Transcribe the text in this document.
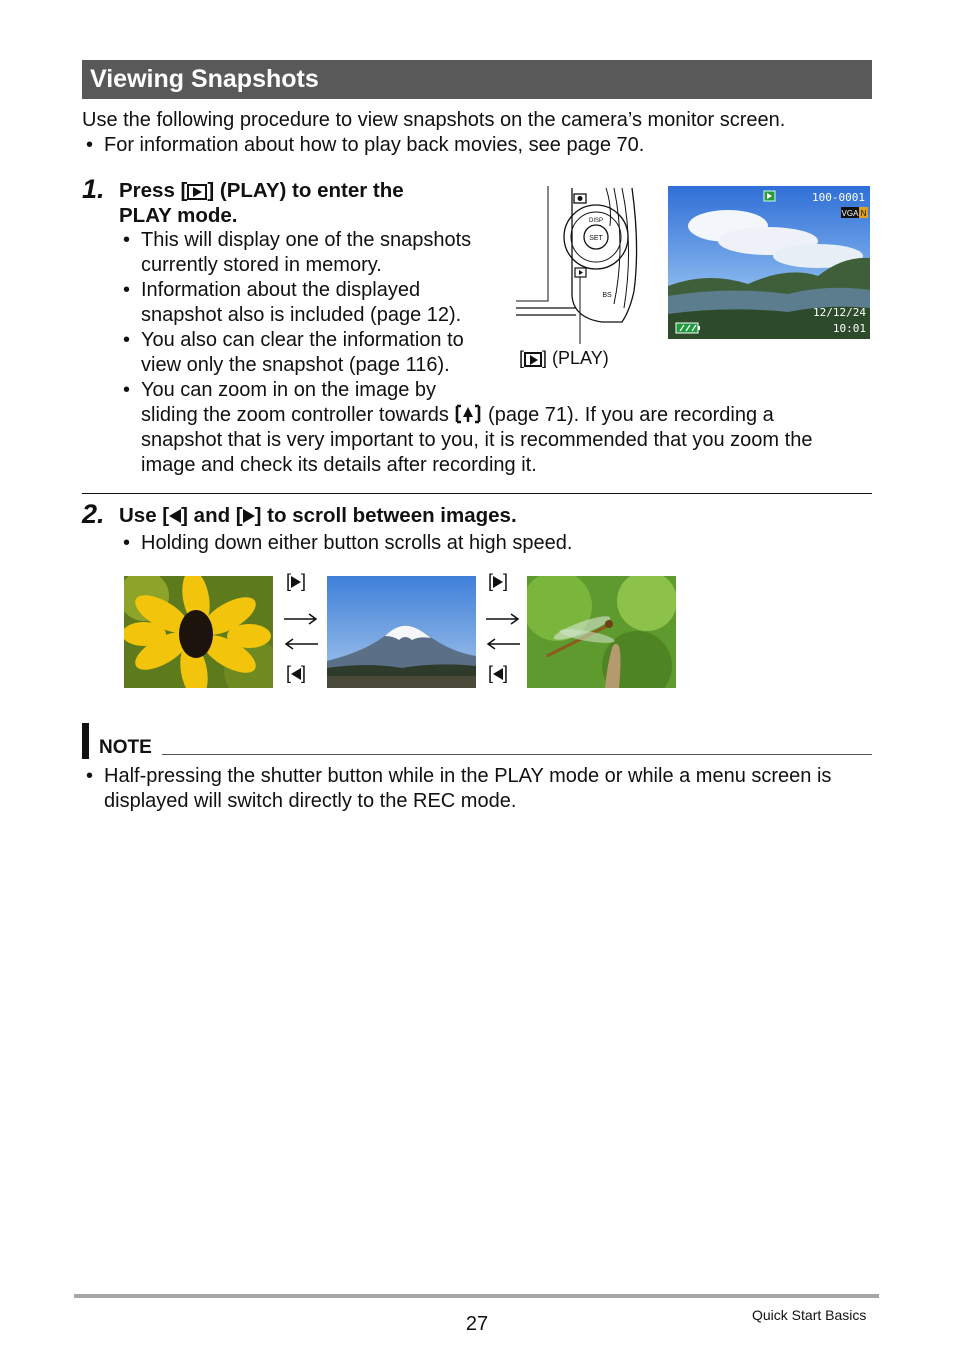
Viewing Snapshots
Use the following procedure to view snapshots on the camera’s monitor screen.
• For information about how to play back movies, see page 70.
1. Press [ ] (PLAY) to enter the
PLAY mode.
• This will display one of the snapshots
currently stored in memory.
• Information about the displayed
snapshot also is included (page 12).
• You also can clear the information to
view only the snapshot (page 116).
• You can zoom in on the image by
sliding the zoom controller towards (page 71). If you are recording a
snapshot that is very important to you, it is recommended that you zoom the
image and check its details after recording it.
SET
DISP
BS
100-0001
VGA N
12/12/24
10:01
[ ] (PLAY)
2. Use [ ] and [ ] to scroll between images.
• Holding down either button scrolls at high speed.
[ ]
[ ]
[ ]
[ ]
NOTE
• Half-pressing the shutter button while in the PLAY mode or while a menu screen is
displayed will switch directly to the REC mode.
27	Quick Start Basics
